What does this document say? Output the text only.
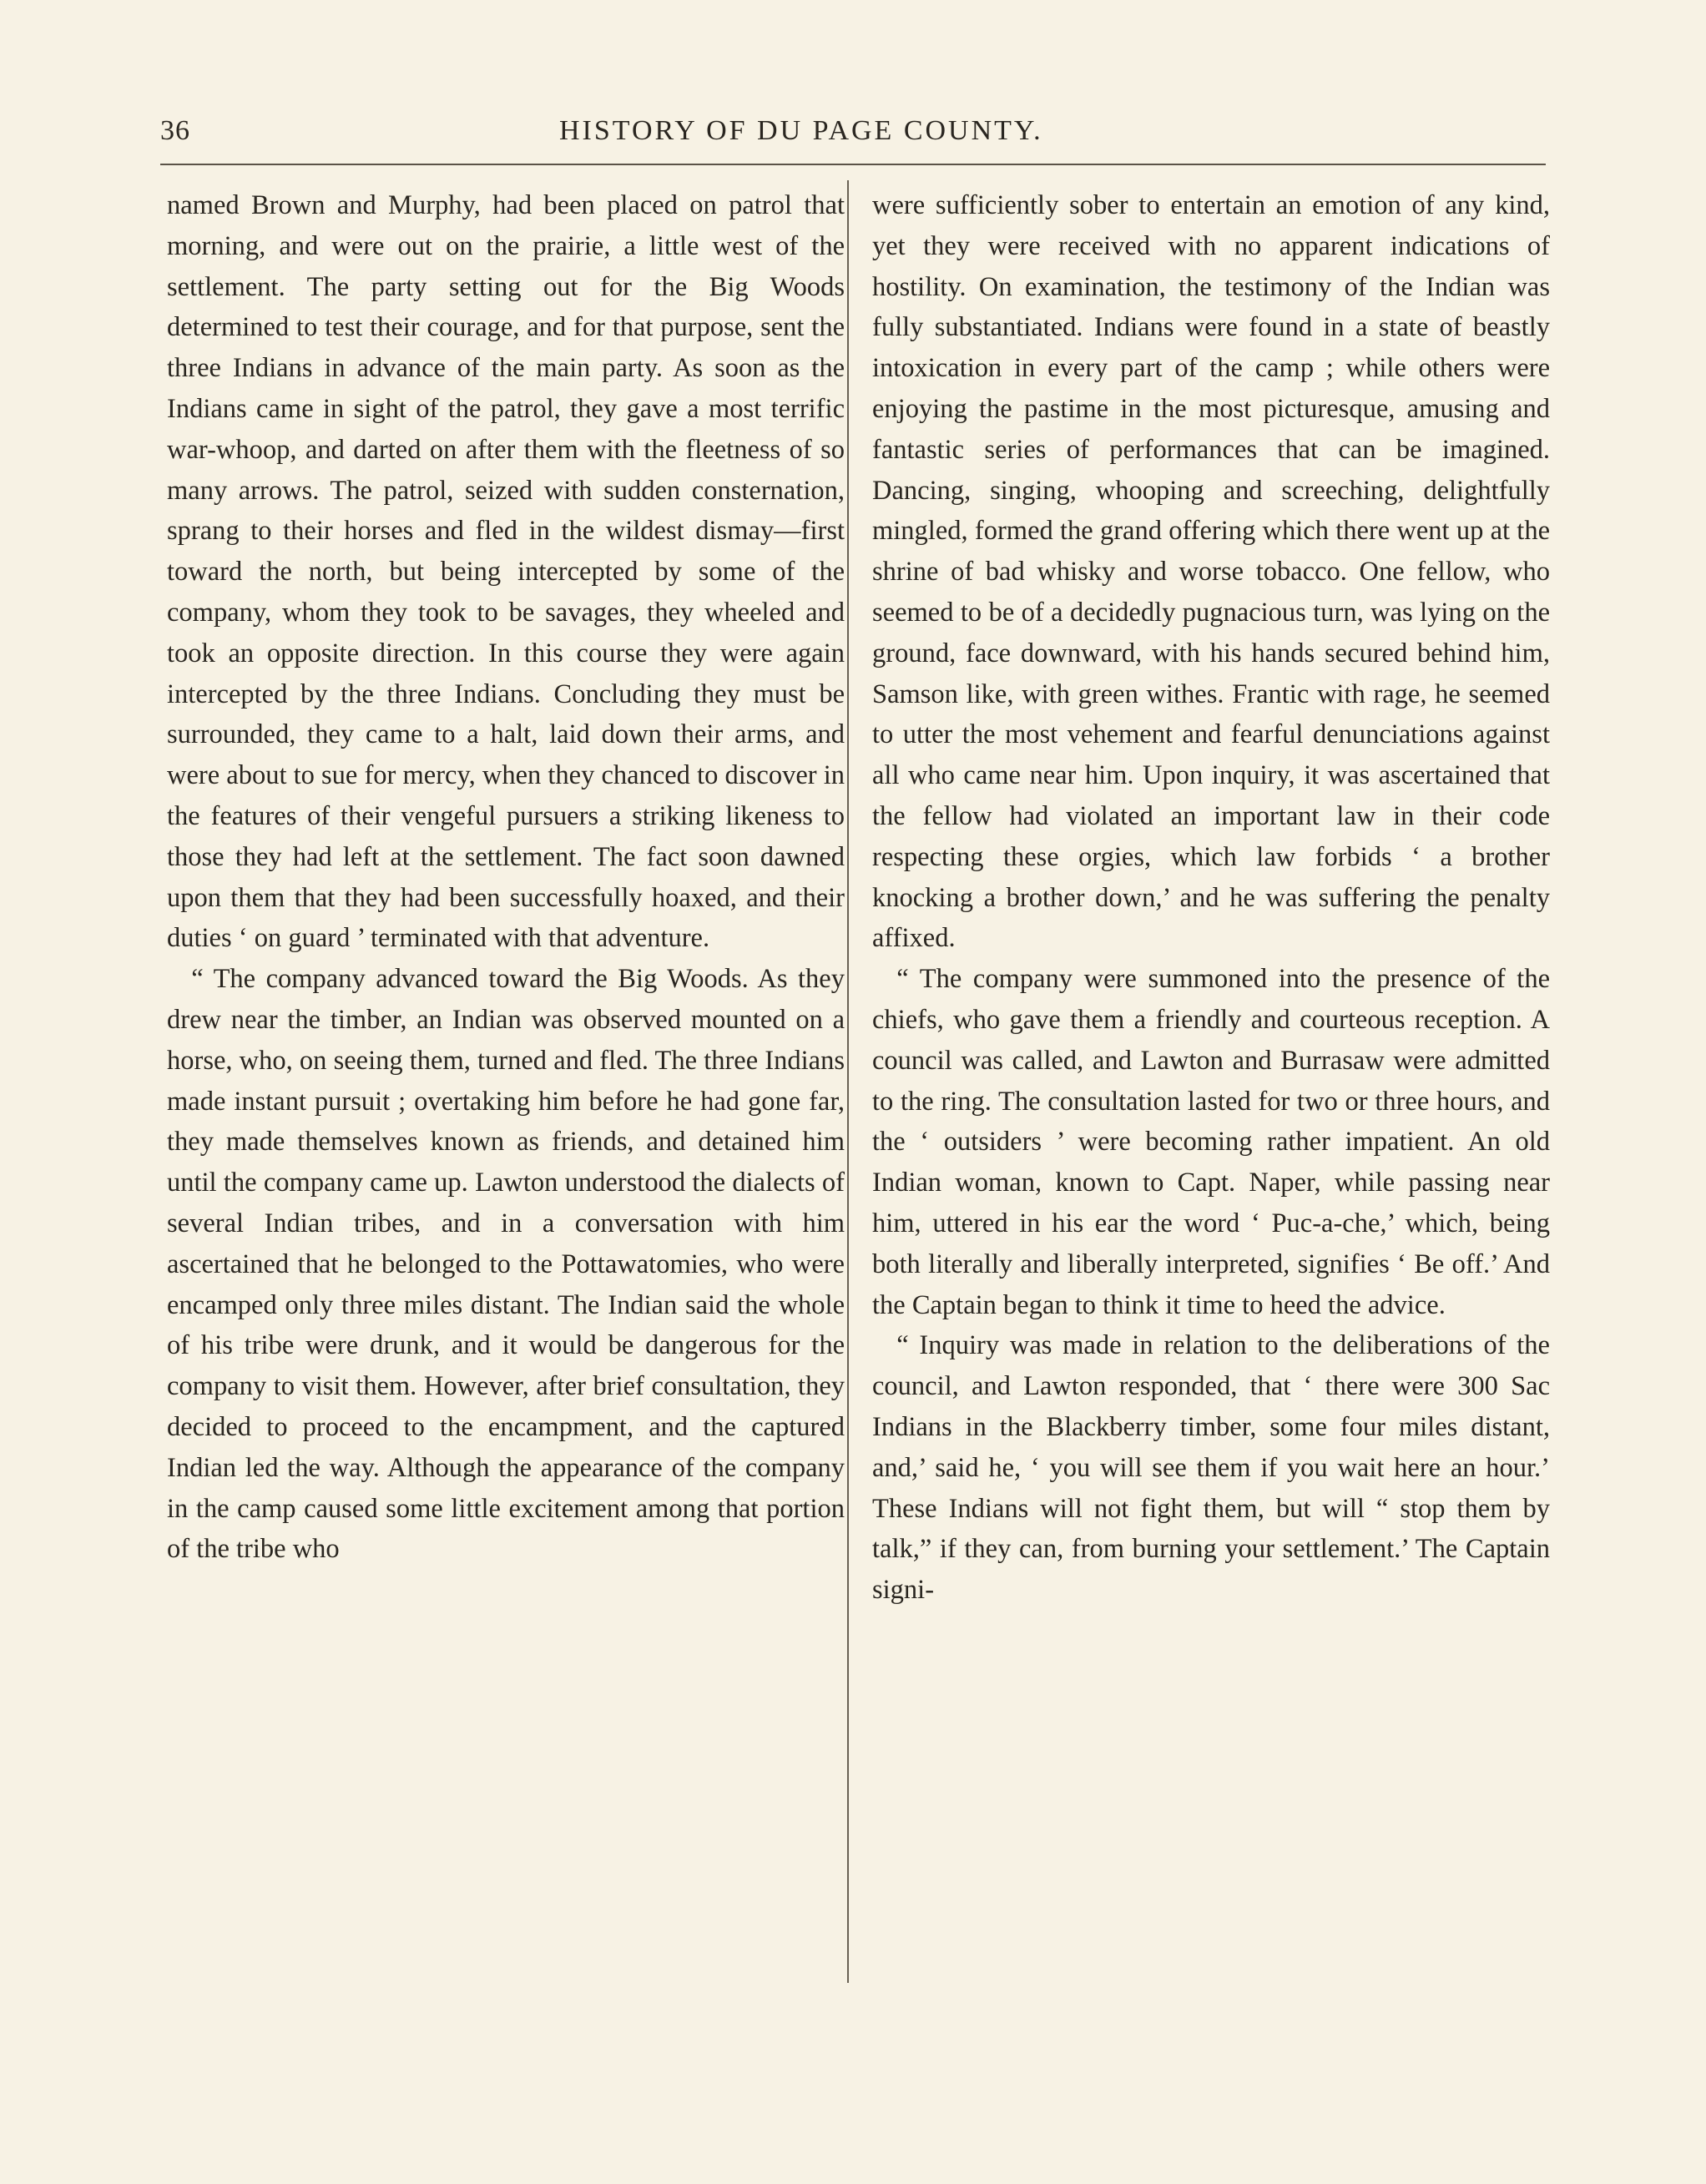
36	HISTORY OF DU PAGE COUNTY.

named Brown and Murphy, had been placed on patrol that morning, and were out on the prairie, a little west of the settlement. The party setting out for the Big Woods determined to test their courage, and for that purpose, sent the three Indians in advance of the main party. As soon as the Indians came in sight of the patrol, they gave a most terrific war-whoop, and darted on after them with the fleetness of so many arrows. The patrol, seized with sudden consternation, sprang to their horses and fled in the wildest dismay—first toward the north, but being intercepted by some of the company, whom they took to be savages, they wheeled and took an opposite direction. In this course they were again intercepted by the three Indians. Concluding they must be surrounded, they came to a halt, laid down their arms, and were about to sue for mercy, when they chanced to discover in the features of their vengeful pursuers a striking likeness to those they had left at the settlement. The fact soon dawned upon them that they had been successfully hoaxed, and their duties ‘ on guard ’ terminated with that adventure.

“ The company advanced toward the Big Woods. As they drew near the timber, an Indian was observed mounted on a horse, who, on seeing them, turned and fled. The three Indians made instant pursuit ; overtaking him before he had gone far, they made themselves known as friends, and detained him until the company came up. Lawton understood the dialects of several Indian tribes, and in a conversation with him ascertained that he belonged to the Pottawatomies, who were encamped only three miles distant. The Indian said the whole of his tribe were drunk, and it would be dangerous for the company to visit them. However, after brief consultation, they decided to proceed to the encampment, and the captured Indian led the way. Although the appearance of the company in the camp caused some little excitement among that portion of the tribe who

were sufficiently sober to entertain an emotion of any kind, yet they were received with no apparent indications of hostility. On examination, the testimony of the Indian was fully substantiated. Indians were found in a state of beastly intoxication in every part of the camp ; while others were enjoying the pastime in the most picturesque, amusing and fantastic series of performances that can be imagined. Dancing, singing, whooping and screeching, delightfully mingled, formed the grand offering which there went up at the shrine of bad whisky and worse tobacco. One fellow, who seemed to be of a decidedly pugnacious turn, was lying on the ground, face downward, with his hands secured behind him, Samson like, with green withes. Frantic with rage, he seemed to utter the most vehement and fearful denunciations against all who came near him. Upon inquiry, it was ascertained that the fellow had violated an important law in their code respecting these orgies, which law forbids ‘ a brother knocking a brother down,’ and he was suffering the penalty affixed.

“ The company were summoned into the presence of the chiefs, who gave them a friendly and courteous reception. A council was called, and Lawton and Burrasaw were admitted to the ring. The consultation lasted for two or three hours, and the ‘ outsiders ’ were becoming rather impatient. An old Indian woman, known to Capt. Naper, while passing near him, uttered in his ear the word ‘ Puc-a-che,’ which, being both literally and liberally interpreted, signifies ‘ Be off.’ And the Captain began to think it time to heed the advice.

“ Inquiry was made in relation to the deliberations of the council, and Lawton responded, that ‘ there were 300 Sac Indians in the Blackberry timber, some four miles distant, and,’ said he, ‘ you will see them if you wait here an hour.’ These Indians will not fight them, but will “ stop them by talk,” if they can, from burning your settlement.’ The Captain signi-
